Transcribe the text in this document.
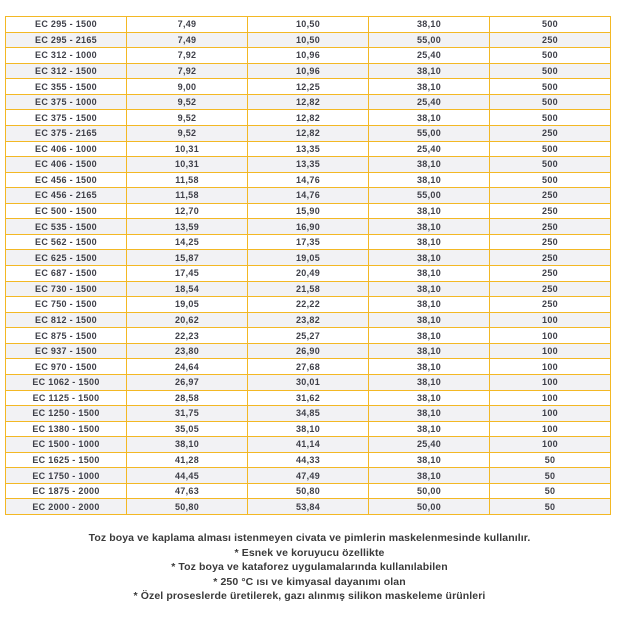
EC 295 - 1500	7,49	10,50	38,10	500
EC 295 - 2165	7,49	10,50	55,00	250
EC 312 - 1000	7,92	10,96	25,40	500
EC 312 - 1500	7,92	10,96	38,10	500
EC 355 - 1500	9,00	12,25	38,10	500
EC 375 - 1000	9,52	12,82	25,40	500
EC 375 - 1500	9,52	12,82	38,10	500
EC 375 - 2165	9,52	12,82	55,00	250
EC 406 - 1000	10,31	13,35	25,40	500
EC 406 - 1500	10,31	13,35	38,10	500
EC 456 - 1500	11,58	14,76	38,10	500
EC 456 - 2165	11,58	14,76	55,00	250
EC 500 - 1500	12,70	15,90	38,10	250
EC 535 - 1500	13,59	16,90	38,10	250
EC 562 - 1500	14,25	17,35	38,10	250
EC 625 - 1500	15,87	19,05	38,10	250
EC 687 - 1500	17,45	20,49	38,10	250
EC 730 - 1500	18,54	21,58	38,10	250
EC 750 - 1500	19,05	22,22	38,10	250
EC 812 - 1500	20,62	23,82	38,10	100
EC 875 - 1500	22,23	25,27	38,10	100
EC 937 - 1500	23,80	26,90	38,10	100
EC 970 - 1500	24,64	27,68	38,10	100
EC 1062 - 1500	26,97	30,01	38,10	100
EC 1125 - 1500	28,58	31,62	38,10	100
EC 1250 - 1500	31,75	34,85	38,10	100
EC 1380 - 1500	35,05	38,10	38,10	100
EC 1500 - 1000	38,10	41,14	25,40	100
EC 1625 - 1500	41,28	44,33	38,10	50
EC 1750 - 1000	44,45	47,49	38,10	50
EC 1875 - 2000	47,63	50,80	50,00	50
EC 2000 - 2000	50,80	53,84	50,00	50
Toz boya ve kaplama alması istenmeyen civata ve pimlerin maskelenmesinde kullanılır.
* Esnek ve koruyucu özellikte
* Toz boya ve kataforez uygulamalarında kullanılabilen
* 250 °C ısı ve kimyasal dayanımı olan
* Özel proseslerde üretilerek, gazı alınmış silikon maskeleme ürünleri
